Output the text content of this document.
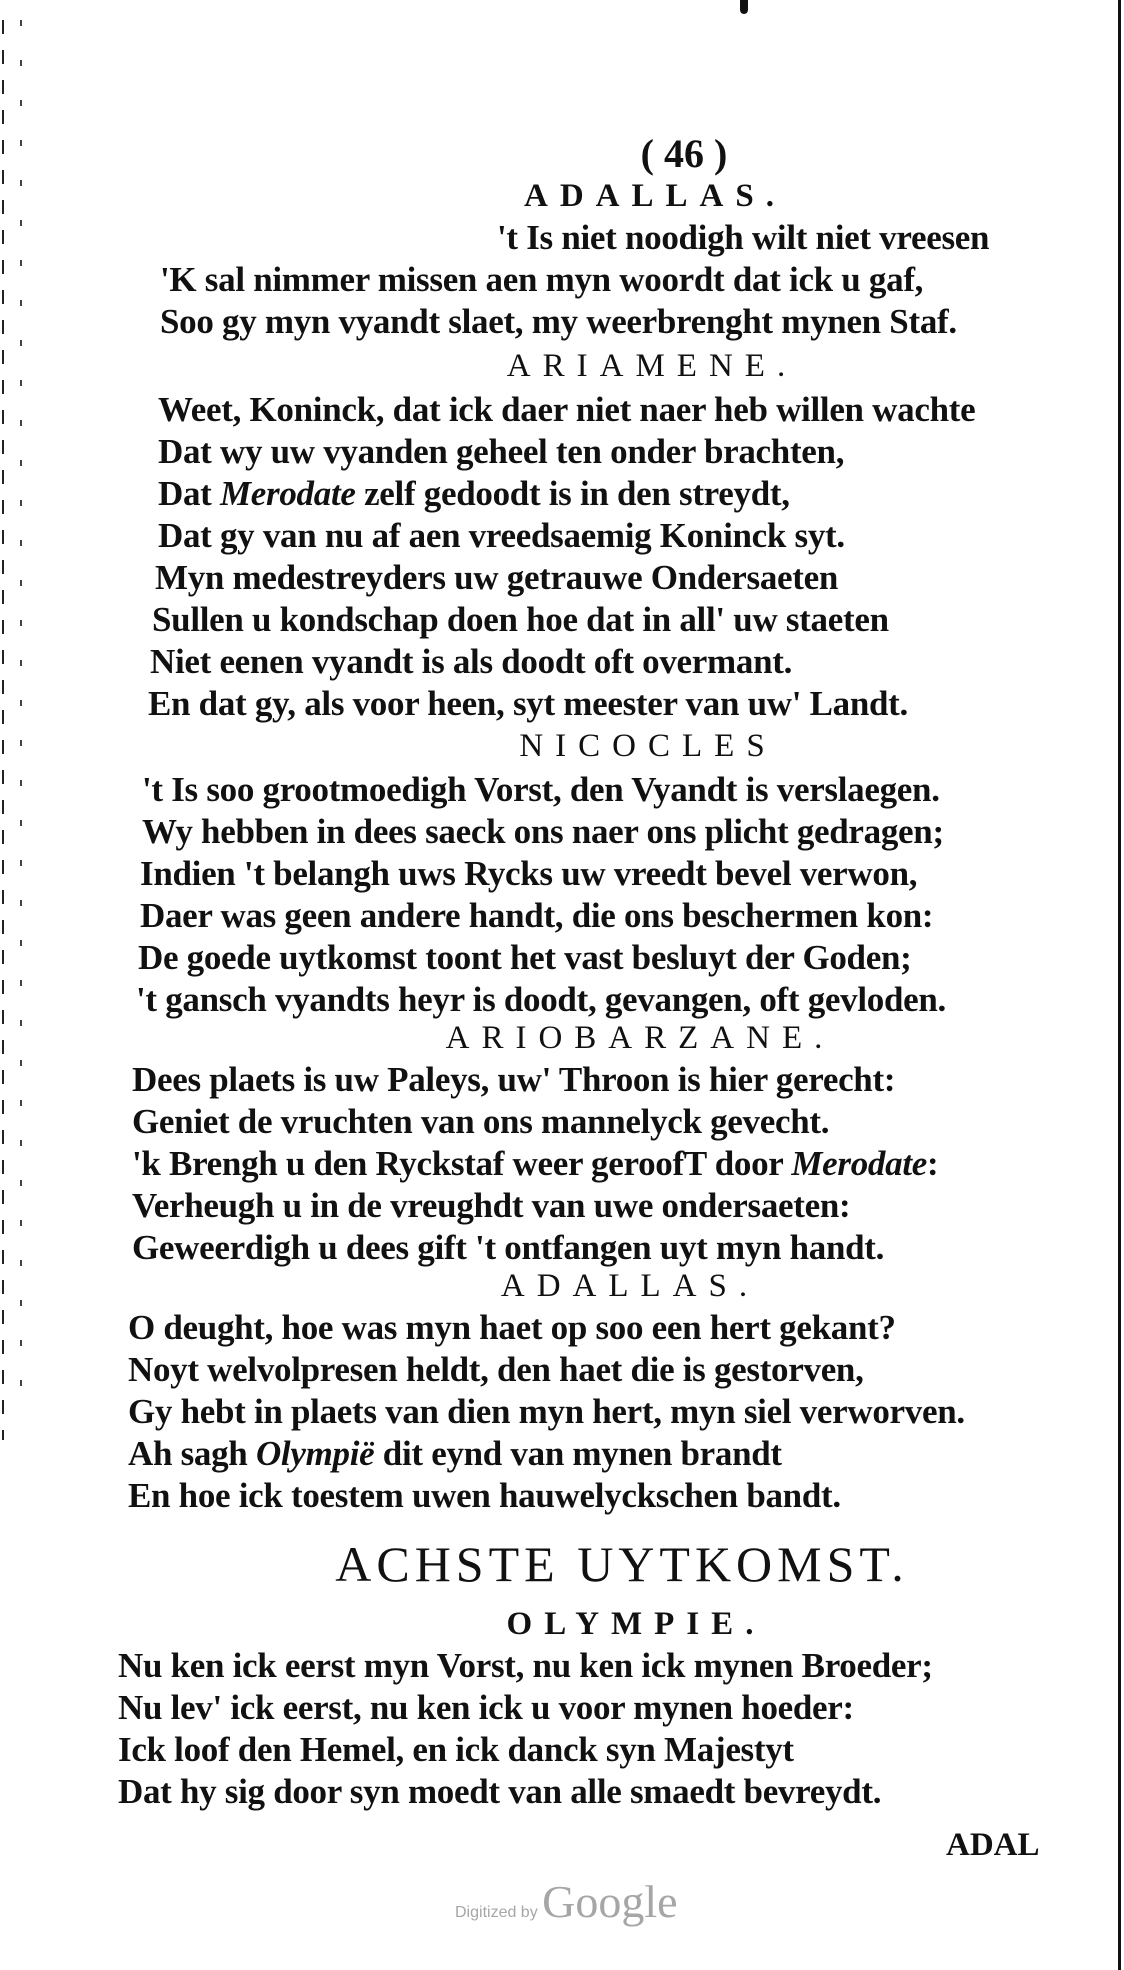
( 46 )
ADALLAS.
't Is niet noodigh wilt niet vreesen
'K sal nimmer missen aen myn woordt dat ick u gaf,
Soo gy myn vyandt slaet, my weerbrenght mynen Staf.
ARIAMENE.
Weet, Koninck, dat ick daer niet naer heb willen wachte
Dat wy uw vyanden geheel ten onder brachten,
Dat Merodate zelf gedoodt is in den streydt,
Dat gy van nu af aen vreedsaemig Koninck syt.
Myn medestreyders uw getrauwe Ondersaeten
Sullen u kondschap doen hoe dat in all' uw staeten
Niet eenen vyandt is als doodt oft overmant.
En dat gy, als voor heen, syt meester van uw' Landt.
NICOCLES
't Is soo grootmoedigh Vorst, den Vyandt is verslaegen.
Wy hebben in dees saeck ons naer ons plicht gedragen;
Indien 't belangh uws Rycks uw vreedt bevel verwon,
Daer was geen andere handt, die ons beschermen kon:
De goede uytkomst toont het vast besluyt der Goden;
't gansch vyandts heyr is doodt, gevangen, oft gevloden.
ARIOBARZANE.
Dees plaets is uw Paleys, uw' Throon is hier gerecht:
Geniet de vruchten van ons mannelyck gevecht.
'k Brengh u den Ryckstaf weer geroofT door Merodate:
Verheugh u in de vreughdt van uwe ondersaeten:
Geweerdigh u dees gift 't ontfangen uyt myn handt.
ADALLAS.
O deught, hoe was myn haet op soo een hert gekant?
Noyt welvolpresen heldt, den haet die is gestorven,
Gy hebt in plaets van dien myn hert, myn siel verworven.
Ah sagh Olympië dit eynd van mynen brandt
En hoe ick toestem uwen hauwelyckschen bandt.
ACHSTE UYTKOMST.
OLYMPIE.
Nu ken ick eerst myn Vorst, nu ken ick mynen Broeder;
Nu lev' ick eerst, nu ken ick u voor mynen hoeder:
Ick loof den Hemel, en ick danck syn Majestyt
Dat hy sig door syn moedt van alle smaedt bevreydt.
ADAL
Digitized by Google
